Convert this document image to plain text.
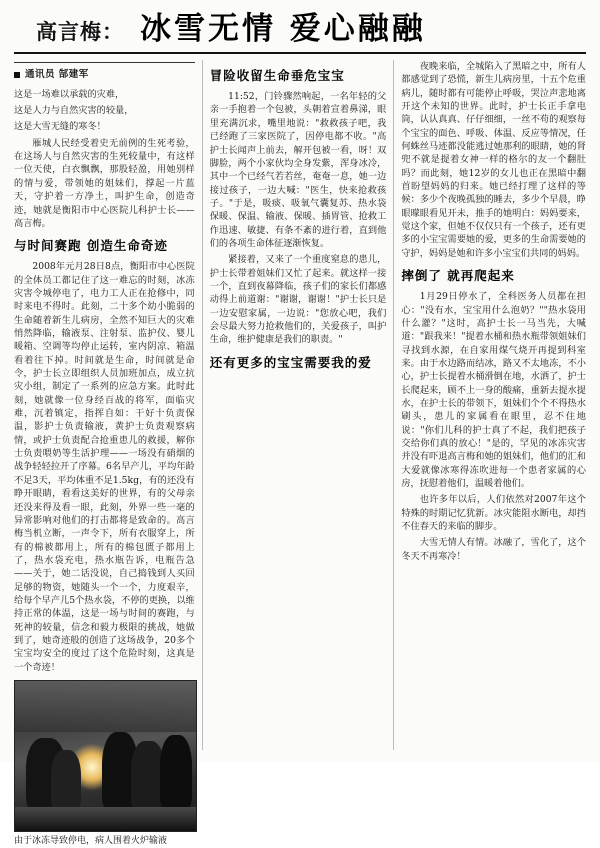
高言梅： 冰雪无情 爱心融融
通讯员 郜建军

这是一场难以承载的灾难，

这是人力与自然灾害的较量，

这是大雪无缝的寒冬！

雁城人民经受着史无前例的生死考验，在这场人与自然灾害的生死较量中，有这样一位天使，白衣飘飘，那股轻盈，用她别样的情与爱，带领她的姐妹们，撑起一片蓝天，守护着一方净土，叫护生命，创造奇迹，她就是衡阳市中心医院儿科护士长——高言梅。

与时间赛跑 创造生命奇迹

2008年元月28日8点，衡阳市中心医院的全体员工都记住了这一难忘的时刻，冰冻灾害令城停电了，电力工人正在抢修中，同时来电不得时。此刻，二十多个幼小脆弱的生命随着新生儿病房，全然不知巨大的灾难悄然降临，输液泵、注射泵、监护仪、婴儿暖箱、空调等均停止运转，室内阴凉、箱温看着往下掉。时间就是生命，时间就是命令，护士长立即组织人员加班加点，成立抗灾小组，制定了一系列的应急方案。此时此刻，她就像一位身经百战的将军，面临灾难，沉着镇定，指挥自如：干好十负责保温，影护士负责输液，黄护士负责观察病情，或护士负责配合抢重患儿的救援，解你士负责喂奶等生活护理——一场没有硝烟的战争轻轻拉开了序幕。6名早产儿，平均年龄不足3天，平均体重不足1.5kg，有的还没有睁开眼睛，看看这美好的世界，有的父母亲还没来得及看一眼，此刻，外界一些一毫的异常影响对他们的打击都将是致命的。高言梅当机立断，一声令下，所有衣服穿上，所有的棉被都用上，所有的棉包匮子都用上了，热水袋充电，热水瓶告诉，电瓶告急——关于，她二话没说，自己捣钱到人买回足够的物资，她随头一个一个，力度艰辛，给每个早产儿5个热水袋，不停的更换，以维持正常的体温，这是一场与时间的赛跑，与死神的较量，信念和毅力极限的挑战，她做到了，她奇迹般的创造了这场战争，20多个宝宝均安全的度过了这个危险时刻，这真是一个奇迹！

由于冰冻导致停电，病人围着火炉输液
冒险收留生命垂危宝宝

11:52，门铃骤然响起，一名年轻的父亲一手抱着一个包被，头朝着宣着鼻涕，眼里充满沉求，嘴里地说："救救孩子吧，我已经跑了三家医院了，因停电都不收。"高护士长闻声上前去，解开包被一看，呀！双脚脸，两个小家伙均全身发紫，浑身冰冷，其中一个已经气若若丝，奄奄一息，她一边接过孩子，一边大喊："医生，快来抢救孩子。"于是，吸痰、吸氧气囊复苏、热水袋保暖、保温、输液、保暖、插胃管、抢救工作迅速、敏捷、有条不紊的进行着，直到他们的各项生命体征逐渐恢复。

紧接着，又来了一个重度窒息的患儿，护士长带着姐妹们又忙了起来。就这样一接一个，直到夜幕降临，孩子们的家长们都感动得上前道谢："谢谢，谢谢！"护士长只是一边安慰家属，一边说："您放心吧，我们会尽最大努力抢救他们的，关爱孩子，叫护生命，维护健康是我们的职责。"

还有更多的宝宝需要我的爱

夜晚来临，全城陷入了黑暗之中，所有人都感觉到了恐慌，新生儿病房里，十五个危重病儿，随时都有可能停止呼吸，哭泣声悲地离开这个未知的世界。此时，护士长正手拿电筒，认认真真、仔仔细细，一丝不苟的观察每个宝宝的面色、呼吸、体温、反应等情况，任何蛛丝马迹都没能逃过她那利的眼睛，她的肾兜不就是提着女神一样的格尔的友一个翻肚吗？而此刻，她12岁的女儿也正在黑暗中翻首盼望妈妈的归来。她已经打理了这样的等候：多少个夜晚孤独的睡去，多少个早晨，睁眼曚眼看见开未，推手的她明白：妈妈要来，觉这个家，但她不仅仅只有一个孩子，还有更多的小宝宝需要她的爱，更多的生命需要她的守护，妈妈是她和许多小宝宝们共同的妈妈。

摔倒了 就再爬起来

1月29日停水了，全科医务人员都在担心："没有水，宝宝用什么泡奶？""热水袋用什么灌？"这时，高护士长一马当先，大喊道："跟我来！"提着水桶和热水瓶带领姐妹们寻找到水源，在自家用煤气烧开再提到科室来。由于水边路而结冰，路又不太地冻，不小心，护士长提着水桶滑倒在地，水洒了，护士长爬起来，顾不上一身的酸痛，重新去提水提水，在护士长的带领下，姐妹们个个不得热水刷头，患儿的家属看在眼里，忍不住地说："你们儿科的护士真了不起，我们把孩子交给你们真的放心！"是的，罕见的冰冻灾害并没有吓退高言梅和她的姐妹们，他们的汇和大爱就像冰寒得冻吹进每一个患者家属的心房，抚慰着他们，温暖着他们。

也许多年以后，人们依然对2007年这个特殊的时期记忆犹新。冰灾能阻水断电，却挡不住春天的来临的脚步。

大雪无情人有情。冰融了，雪化了，这个冬天不再寒冷！
